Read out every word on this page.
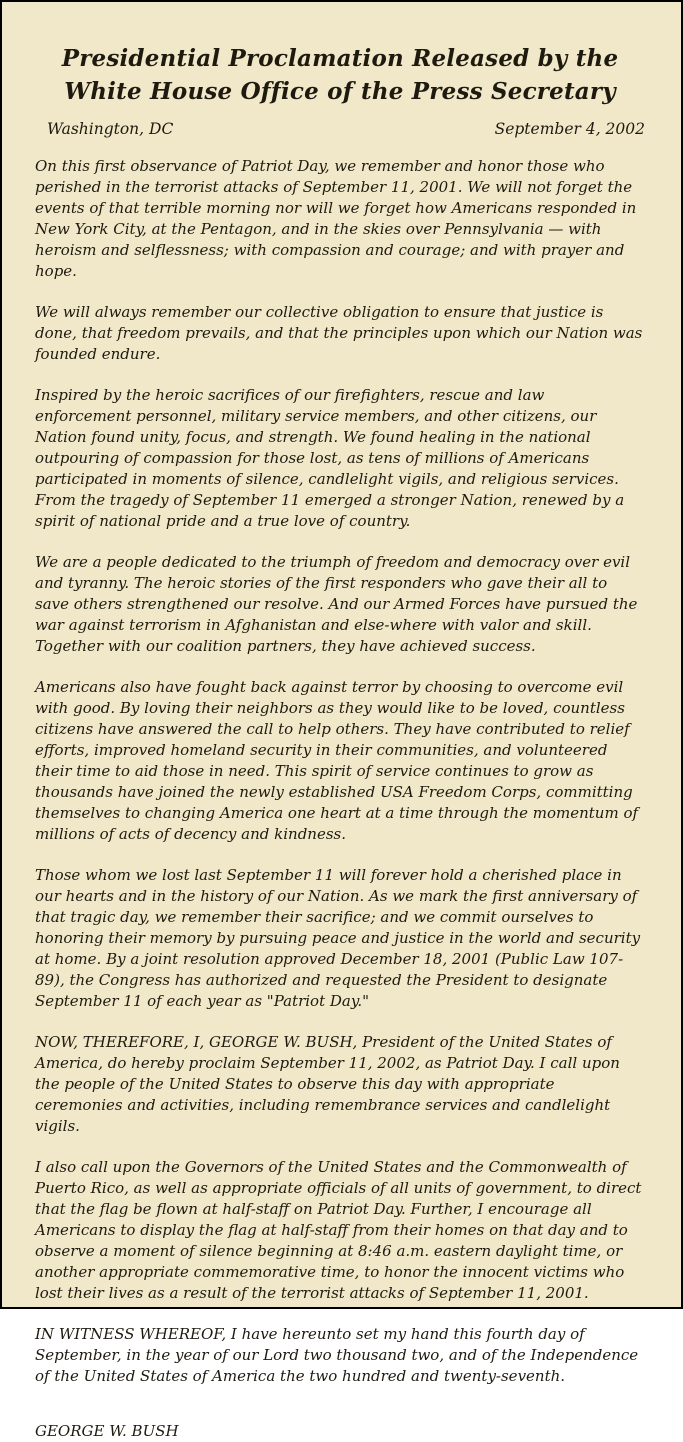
Presidential Proclamation Released by the White House Office of the Press Secretary
Washington, DC	September 4, 2002

On this first observance of Patriot Day, we remember and honor those who perished in the terrorist attacks of September 11, 2001. We will not forget the events of that terrible morning nor will we forget how Americans responded in New York City, at the Pentagon, and in the skies over Pennsylvania — with heroism and selflessness; with compassion and courage; and with prayer and hope.

We will always remember our collective obligation to ensure that justice is done, that freedom prevails, and that the principles upon which our Nation was founded endure.

Inspired by the heroic sacrifices of our firefighters, rescue and law enforcement personnel, military service members, and other citizens, our Nation found unity, focus, and strength. We found healing in the national outpouring of compassion for those lost, as tens of millions of Americans participated in moments of silence, candlelight vigils, and religious services. From the tragedy of September 11 emerged a stronger Nation, renewed by a spirit of national pride and a true love of country.

We are a people dedicated to the triumph of freedom and democracy over evil and tyranny. The heroic stories of the first responders who gave their all to save others strengthened our resolve. And our Armed Forces have pursued the war against terrorism in Afghanistan and else-where with valor and skill. Together with our coalition partners, they have achieved success.

Americans also have fought back against terror by choosing to overcome evil with good. By loving their neighbors as they would like to be loved, countless citizens have answered the call to help others. They have contributed to relief efforts, improved homeland security in their communities, and volunteered their time to aid those in need. This spirit of service continues to grow as thousands have joined the newly established USA Freedom Corps, committing themselves to changing America one heart at a time through the momentum of millions of acts of decency and kindness.

Those whom we lost last September 11 will forever hold a cherished place in our hearts and in the history of our Nation. As we mark the first anniversary of that tragic day, we remember their sacrifice; and we commit ourselves to honoring their memory by pursuing peace and justice in the world and security at home. By a joint resolution approved December 18, 2001 (Public Law 107-89), the Congress has authorized and requested the President to designate September 11 of each year as "Patriot Day."

NOW, THEREFORE, I, GEORGE W. BUSH, President of the United States of America, do hereby proclaim September 11, 2002, as Patriot Day. I call upon the people of the United States to observe this day with appropriate ceremonies and activities, including remembrance services and candlelight vigils.

I also call upon the Governors of the United States and the Commonwealth of Puerto Rico, as well as appropriate officials of all units of government, to direct that the flag be flown at half-staff on Patriot Day. Further, I encourage all Americans to display the flag at half-staff from their homes on that day and to observe a moment of silence beginning at 8:46 a.m. eastern daylight time, or another appropriate commemorative time, to honor the innocent victims who lost their lives as a result of the terrorist attacks of September 11, 2001.

IN WITNESS WHEREOF, I have hereunto set my hand this fourth day of September, in the year of our Lord two thousand two, and of the Independence of the United States of America the two hundred and twenty-seventh.

GEORGE W. BUSH
